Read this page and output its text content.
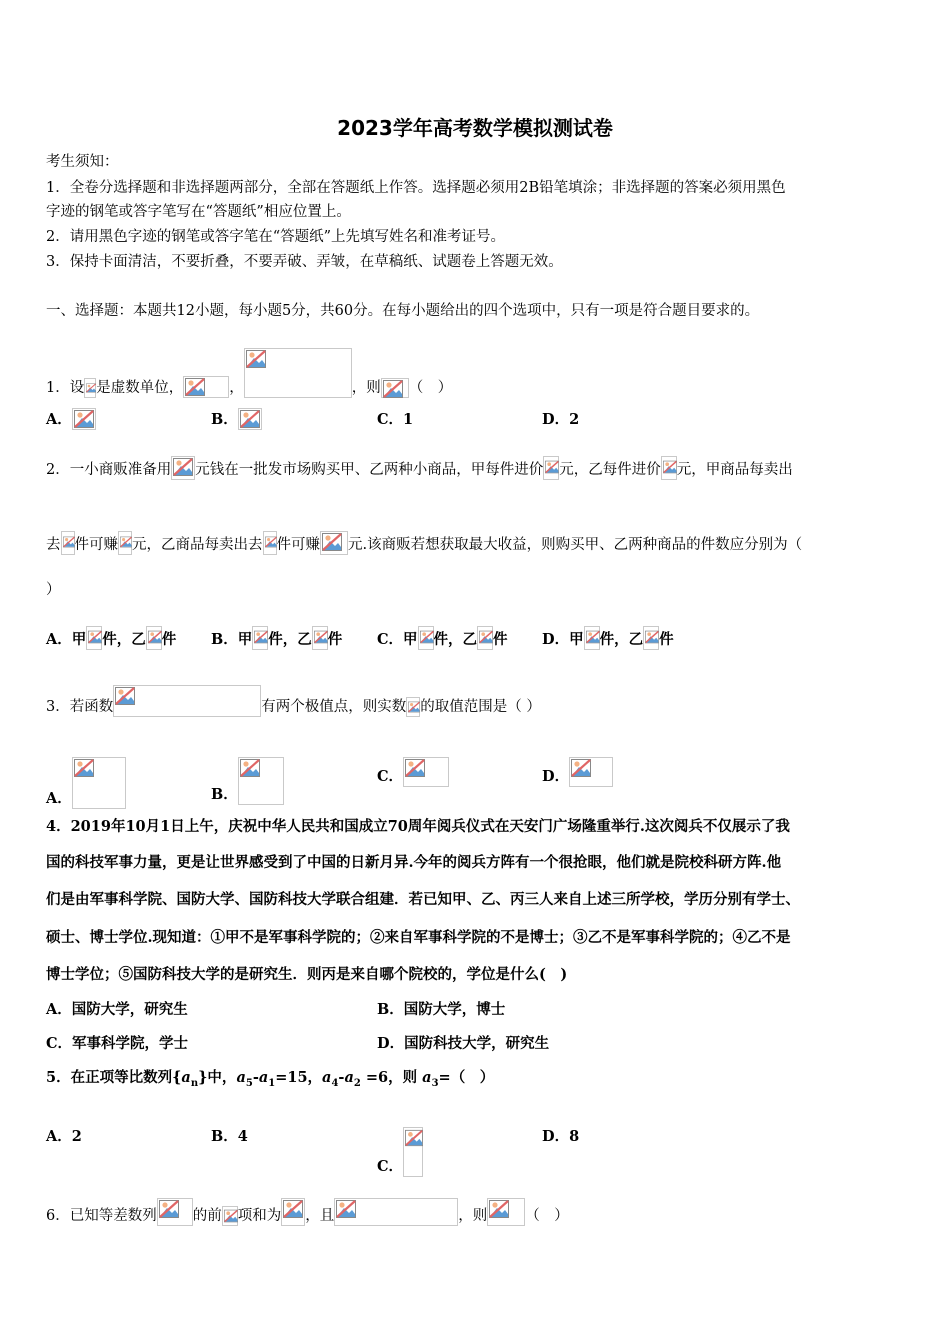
2023学年高考数学模拟测试卷
考生须知：
1．全卷分选择题和非选择题两部分，全部在答题纸上作答。选择题必须用2B铅笔填涂；非选择题的答案必须用黑色
字迹的钢笔或答字笔写在“答题纸”相应位置上。
2．请用黑色字迹的钢笔或答字笔在“答题纸”上先填写姓名和准考证号。
3．保持卡面清洁，不要折叠，不要弄破、弄皱，在草稿纸、试题卷上答题无效。
一、选择题：本题共12小题，每小题5分，共60分。在每小题给出的四个选项中，只有一项是符合题目要求的。
1．设 是虚数单位，	，	，则 （　）
A．	B．	C．1	D．2
2．一小商贩准备用 元钱在一批发市场购买甲、乙两种小商品，甲每件进价 元，乙每件进价 元，甲商品每卖出
去 件可赚 元，乙商品每卖出去 件可赚 元.该商贩若想获取最大收益，则购买甲、乙两种商品的件数应分别为（
）
A．甲 件，乙 件 B．甲 件，乙 件 C．甲 件，乙 件 D．甲 件，乙 件
3．若函数	有两个极值点，则实数 的取值范围是（ ）
A．	B．
C．	D．
4．2019年10月1日上午，庆祝中华人民共和国成立70周年阅兵仪式在天安门广场隆重举行.这次阅兵不仅展示了我
国的科技军事力量，更是让世界感受到了中国的日新月异.今年的阅兵方阵有一个很抢眼，他们就是院校科研方阵.他
们是由军事科学院、国防大学、国防科技大学联合组建．若已知甲、乙、丙三人来自上述三所学校，学历分别有学士、
硕士、博士学位.现知道：①甲不是军事科学院的；②来自军事科学院的不是博士；③乙不是军事科学院的；④乙不是
博士学位；⑤国防科技大学的是研究生．则丙是来自哪个院校的，学位是什么(　)
A．国防大学，研究生	B．国防大学，博士
C．军事科学院，学士	D．国防科技大学，研究生
5．在正项等比数列$\{a_n\}$中，$a_5-a_1=15$，$a_4-a_2 =6$，则 $a_3=$（　）
A．2	B．4
C．
D．8
6．已知等差数列 的前 项和为 ，且	，则	（　）
